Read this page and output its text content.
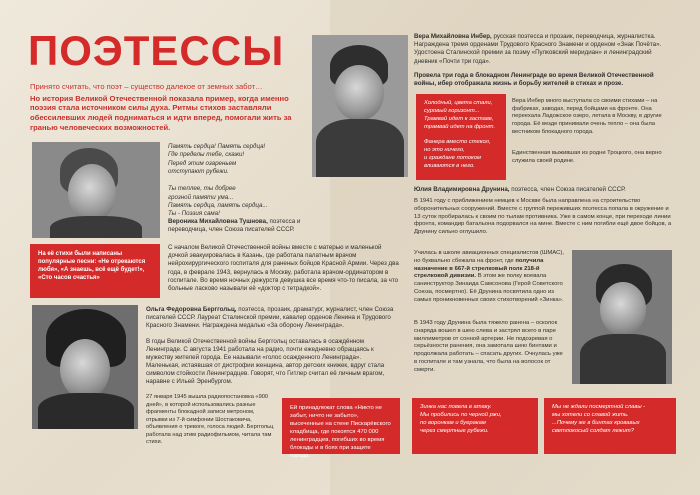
ПОЭТЕССЫ
Принято считать, что поэт – существо далекое от земных забот…
Но история Великой Отечественной показала пример, когда именно поэзия стала источником силы духа. Ритмы стихов заставляли обессилевших людей подниматься и идти вперед, помогали жить за гранью человеческих возможностей.
Память сердца! Память сердца!
Где пределы тебе, скажи!
Перед этим озареньем
отступают рубежи.

Ты теплее, ты добрее
грозной памяти ума...
Память сердца, память сердца...
Ты - Поэзия сама!
Вероника Михайловна Тушнова, поэтесса и переводчица, член Союза писателей СССР.
На её стихи были написаны популярные песни: «Не отрекаются любя», «А знаешь, всё ещё будет!», «Сто часов счастья»
С началом Великой Отечественной войны вместе с матерью и маленькой дочкой эвакуировалась в Казань, где работала палатным врачом нейрохирургического госпиталя для раненых бойцов Красной Армии. Через два года, в феврале 1943, вернулась в Москву, работала врачом-ординатором в госпитале. Во время ночных дежурств девушка все время что-то писала, за что больные ласково называли её «доктор с тетрадкой».
Ольга Федоровна Берггольц, поэтесса, прозаик, драматург, журналист, член Союза писателей СССР. Лауреат Сталинской премии, кавалер орденов Ленина и Трудового Красного Знамени. Награждена медалью «За оборону Ленинграда».
В годы Великой Отечественной войны Берггольц оставалась в осаждённом Ленинграде. С августа 1941 работала на радио, почти ежедневно обращаясь к мужеству жителей города. Ее называли «голос осажденного Ленинграда».
Маленькая, истаявшая от дистрофии женщина, автор детских книжек, вдруг стала символом стойкости Ленинградцев. Говорят, что Гитлер считал её личным врагом, наравне с Ильей Эренбургом.
27 января 1945 вышла радиопостановка «900 дней», в которой использовались разные фрагменты блокадной записи метроном, отрывки из 7-й симфонии Шостаковича, объявления о тревоге, голоса людей. Берггольц работала над этим радиофильмом, читала там стихи.
Ей принадлежат слова «Никто не забыт, ничто не забыто», высеченные на стене Пискарёвского кладбища, где покоятся 470 000 ленинградцев, погибших во время блокады и в боях при защите города.
Вера Михайловна Инбер, русская поэтесса и прозаик, переводчица, журналистка. Награждена тремя орденами Трудового Красного Знамени и орденом «Знак Почёта». Удостоена Сталинской премии за поэму «Пулковский меридиан» и ленинградский дневник «Почти три года».
Провела три года в блокадном Ленинграде во время Великой Отечественной войны, ибер отображала жизнь и борьбу жителей в стихах и прозе.
Холодный, цвета стали,
суровый горизонт...
Трамвай идет к заставе,
трамвай идет на фронт.

Фанера вместо стекол,
но это ничего,
и граждане потоком
вливаются в него.
Вера Инбер много выступала со своими стихами – на фабриках, заводах, перед бойцами на фронте. Она переехала Ладожское озеро, летала в Москву, в другие города. Её везде принимали очень тепло – она была вестником блокадного города.
Единственная выжившая из родни Троцкого, она верно служила своей родине.
Юлия Владимировна Друнина, поэтесса, член Союза писателей СССР.
В 1941 году с приближением немцев к Москве была направлена на строительство оборонительных сооружений. Вместе с группой переживших поэтесса попала в окружение и 13 суток пробиралась к своим по тылам противника. Уже в самом конце, при переходе линии фронта, командир батальона подорвался на мине. Вместе с ним погибли ещё двое бойцов, а Друнину сильно оглушило.
Училась в школе авиационных специалистов (ШМАС), но буквально сбежала на фронт, где получила назначение в 667-й стрелковый полк 218-й стрелковой дивизии. В этом же полку воевала санинструктор Зинаида Самсонова (Герой Советского Союза, посмертно). Её Друнина посвятила одно из самых проникновенных своих стихотворений «Зинка».
В 1943 году Друнина была тяжело ранена – осколок снаряда вошел в шею слева и застрял всего в паре миллиметров от сонной артерии. Не подозревая о серьёзности ранения, она замотала шею бинтами и продолжала работать – спасать других. Очнулась уже в госпитале и там узнала, что была на волосок от смерти.
Зинка нас повела в атаку.
Мы пробились по черной ржи,
по воронкам и буеракам
через смертные рубежи.
Мы не ждали посмертной славы -
мы хотели со славой жить.
...Почему же в бинтах кровавых
светлокосый солдат лежит?
